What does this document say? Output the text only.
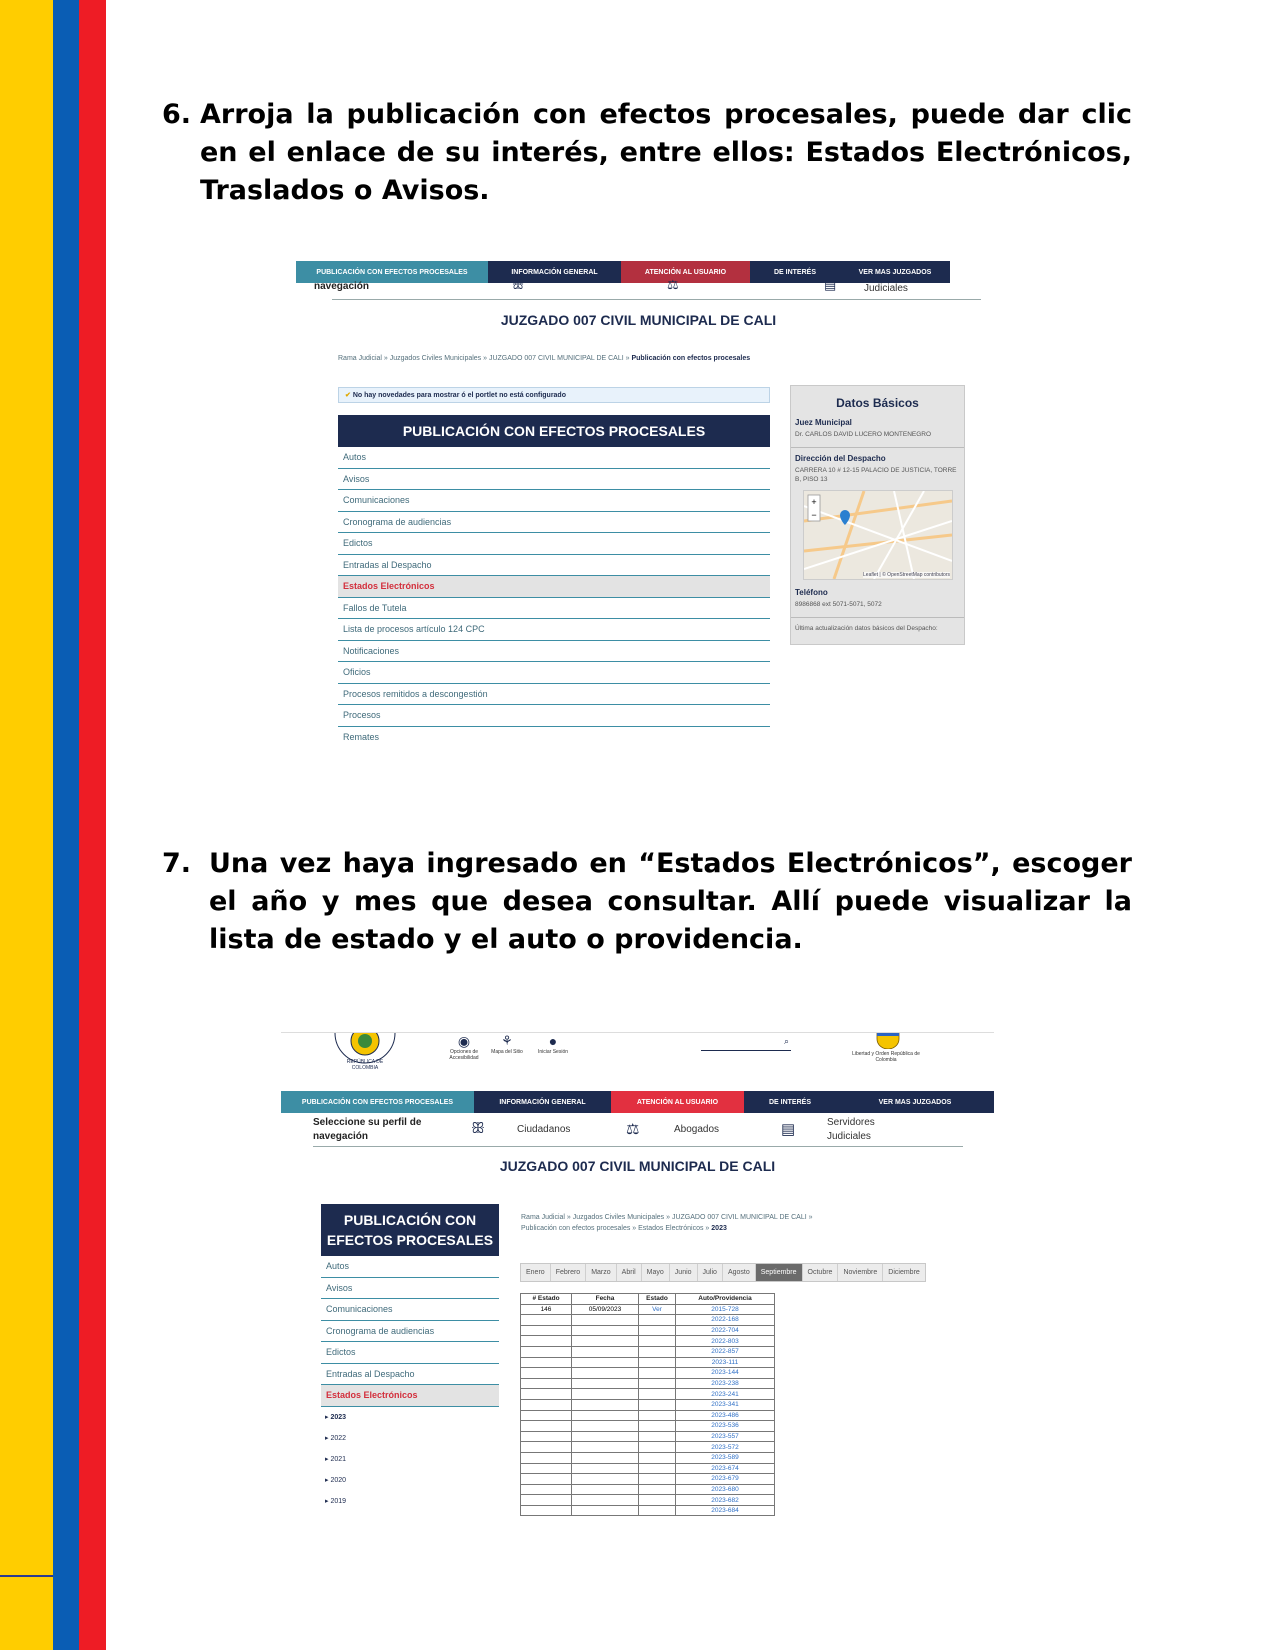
6. Arroja la publicación con efectos procesales, puede dar clic en el enlace de su interés, entre ellos: Estados Electrónicos, Traslados o Avisos.
PUBLICACIÓN CON EFECTOS PROCESALES	INFORMACIÓN GENERAL	ATENCIÓN AL USUARIO	DE INTERÉS	VER MAS JUZGADOS
navegación	ꕥ	⚖	▤	Judiciales
JUZGADO 007 CIVIL MUNICIPAL DE CALI
Rama Judicial » Juzgados Civiles Municipales » JUZGADO 007 CIVIL MUNICIPAL DE CALI » Publicación con efectos procesales
✔ No hay novedades para mostrar ó el portlet no está configurado
PUBLICACIÓN CON EFECTOS PROCESALES
Autos
Avisos
Comunicaciones
Cronograma de audiencias
Edictos
Entradas al Despacho
Estados Electrónicos
Fallos de Tutela
Lista de procesos artículo 124 CPC
Notificaciones
Oficios
Procesos remitidos a descongestión
Procesos
Remates
Datos Básicos
Juez Municipal
Dr. CARLOS DAVID LUCERO MONTENEGRO
Dirección del Despacho
CARRERA 10 # 12-15 PALACIO DE JUSTICIA, TORRE B, PISO 13
+
−
Leaflet | © OpenStreetMap contributors
Teléfono
8986868 ext 5071-5071, 5072
Última actualización datos básicos del Despacho:
7. Una vez haya ingresado en “Estados Electrónicos”, escoger el año y mes que desea consultar. Allí puede visualizar la lista de estado y el auto o providencia.
REPÚBLICA DE COLOMBIA
◉
Opciones de Accesibilidad
⚘
Mapa del Sitio
●
Iniciar Sesión
⌕
Libertad y Orden República de Colombia
PUBLICACIÓN CON EFECTOS PROCESALES	INFORMACIÓN GENERAL	ATENCIÓN AL USUARIO	DE INTERÉS	VER MAS JUZGADOS
Seleccione su perfil de navegación	ꕥ	Ciudadanos	⚖	Abogados	▤	Servidores Judiciales
JUZGADO 007 CIVIL MUNICIPAL DE CALI
PUBLICACIÓN CON EFECTOS PROCESALES
Autos
Avisos
Comunicaciones
Cronograma de audiencias
Edictos
Entradas al Despacho
Estados Electrónicos
▸ 2023
▸ 2022
▸ 2021
▸ 2020
▸ 2019
Rama Judicial » Juzgados Civiles Municipales » JUZGADO 007 CIVIL MUNICIPAL DE CALI » Publicación con efectos procesales » Estados Electrónicos » 2023
Enero	Febrero	Marzo	Abril	Mayo	Junio	Julio	Agosto	Septiembre	Octubre	Noviembre	Diciembre
# Estado	Fecha	Estado	Auto/Providencia
146	05/09/2023	Ver	2015-728
			2022-168
			2022-704
			2022-803
			2022-857
			2023-111
			2023-144
			2023-238
			2023-241
			2023-341
			2023-486
			2023-536
			2023-557
			2023-572
			2023-589
			2023-674
			2023-679
			2023-680
			2023-682
			2023-684
